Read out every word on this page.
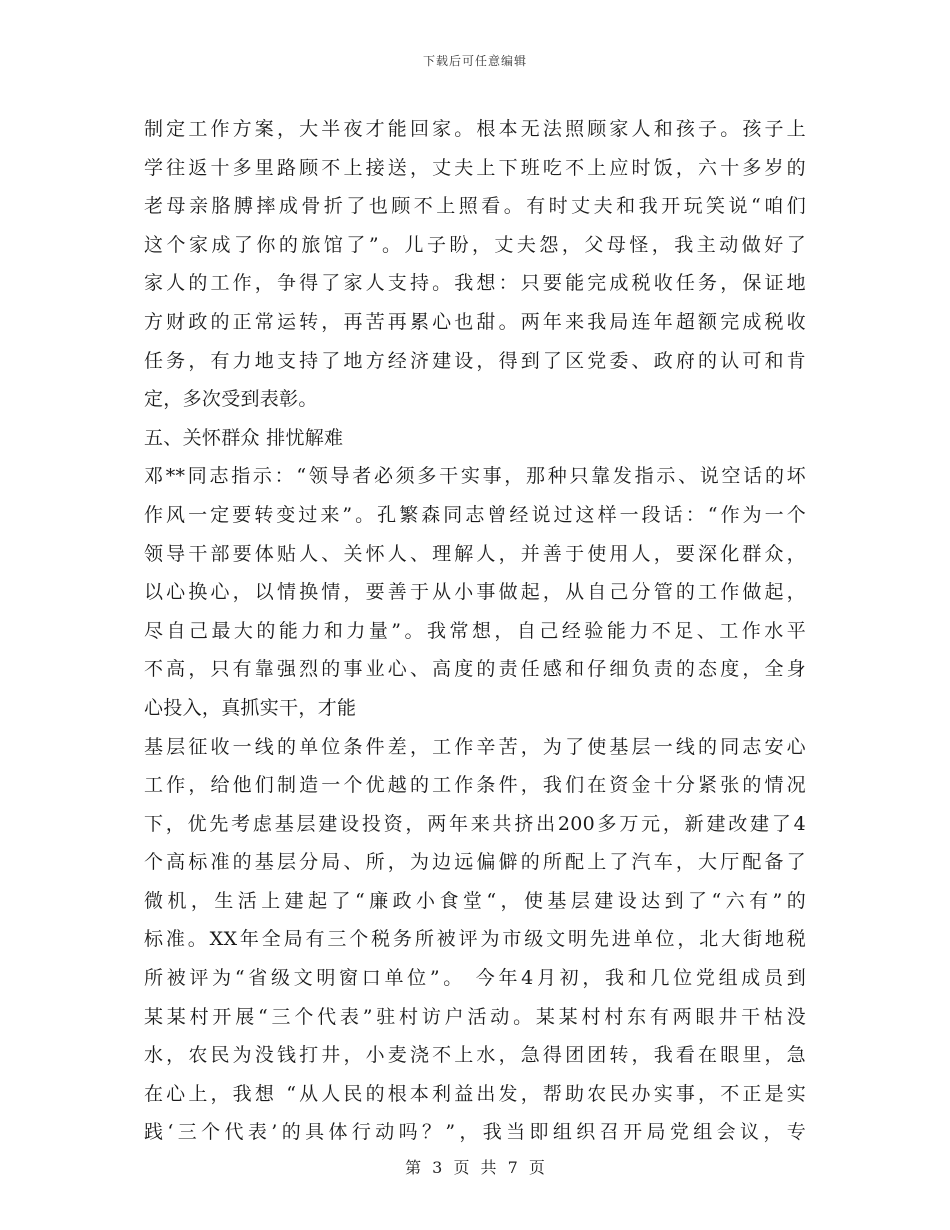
下载后可任意编辑
制定工作方案，大半夜才能回家。根本无法照顾家人和孩子。孩子上
学往返十多里路顾不上接送，丈夫上下班吃不上应时饭，六十多岁的
老母亲胳膊摔成骨折了也顾不上照看。有时丈夫和我开玩笑说“咱们
这个家成了你的旅馆了”。儿子盼，丈夫怨，父母怪，我主动做好了
家人的工作，争得了家人支持。我想：只要能完成税收任务，保证地
方财政的正常运转，再苦再累心也甜。两年来我局连年超额完成税收
任务，有力地支持了地方经济建设，得到了区党委、政府的认可和肯
定，多次受到表彰。
五、关怀群众 排忧解难
邓**同志指示：“领导者必须多干实事，那种只靠发指示、说空话的坏
作风一定要转变过来”。孔繁森同志曾经说过这样一段话：“作为一个
领导干部要体贴人、关怀人、理解人，并善于使用人，要深化群众，
以心换心，以情换情，要善于从小事做起，从自己分管的工作做起，
尽自己最大的能力和力量”。我常想，自己经验能力不足、工作水平
不高，只有靠强烈的事业心、高度的责任感和仔细负责的态度，全身
心投入，真抓实干，才能
基层征收一线的单位条件差，工作辛苦，为了使基层一线的同志安心
工作，给他们制造一个优越的工作条件，我们在资金十分紧张的情况
下，优先考虑基层建设投资，两年来共挤出200多万元，新建改建了4
个高标准的基层分局、所，为边远偏僻的所配上了汽车，大厅配备了
微机，生活上建起了“廉政小食堂“，使基层建设达到了“六有”的
标准。XX年全局有三个税务所被评为市级文明先进单位，北大街地税
所被评为“省级文明窗口单位”。 今年4月初，我和几位党组成员到
某某村开展“三个代表”驻村访户活动。某某村村东有两眼井干枯没
水，农民为没钱打井，小麦浇不上水，急得团团转，我看在眼里，急
在心上，我想 “从人民的根本利益出发，帮助农民办实事，不正是实
践‘三个代表’的具体行动吗？”，我当即组织召开局党组会议，专
第 3 页 共 7 页
